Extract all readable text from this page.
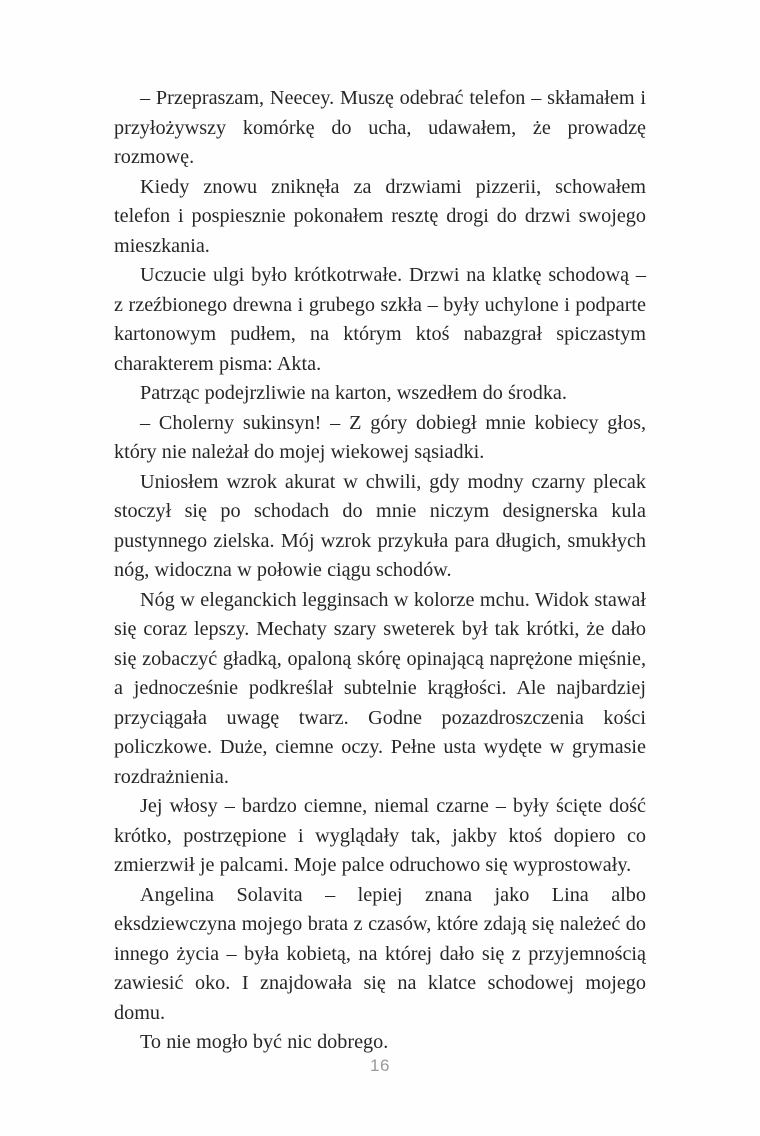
– Przepraszam, Neecey. Muszę odebrać telefon – skłamałem i przyłożywszy komórkę do ucha, udawałem, że prowadzę rozmowę.

Kiedy znowu zniknęła za drzwiami pizzerii, schowałem telefon i pospiesznie pokonałem resztę drogi do drzwi swojego mieszkania.

Uczucie ulgi było krótkotrwałe. Drzwi na klatkę schodową – z rzeźbionego drewna i grubego szkła – były uchylone i podparte kartonowym pudłem, na którym ktoś nabazgrał spiczastym charakterem pisma: Akta.

Patrząc podejrzliwie na karton, wszedłem do środka.

– Cholerny sukinsyn! – Z góry dobiegł mnie kobiecy głos, który nie należał do mojej wiekowej sąsiadki.

Uniosłem wzrok akurat w chwili, gdy modny czarny plecak stoczył się po schodach do mnie niczym designerska kula pustynnego zielska. Mój wzrok przykuła para długich, smukłych nóg, widoczna w połowie ciągu schodów.

Nóg w eleganckich legginsach w kolorze mchu. Widok stawał się coraz lepszy. Mechaty szary sweterek był tak krótki, że dało się zobaczyć gładką, opaloną skórę opinającą naprężone mięśnie, a jednocześnie podkreślał subtelnie krągłości. Ale najbardziej przyciągała uwagę twarz. Godne pozazdroszczenia kości policzkowe. Duże, ciemne oczy. Pełne usta wydęte w grymasie rozdrażnienia.

Jej włosy – bardzo ciemne, niemal czarne – były ścięte dość krótko, postrzępione i wyglądały tak, jakby ktoś dopiero co zmierzwił je palcami. Moje palce odruchowo się wyprostowały.

Angelina Solavita – lepiej znana jako Lina albo eksdziewczyna mojego brata z czasów, które zdają się należeć do innego życia – była kobietą, na której dało się z przyjemnością zawiesić oko. I znajdowała się na klatce schodowej mojego domu.

To nie mogło być nic dobrego.

16
